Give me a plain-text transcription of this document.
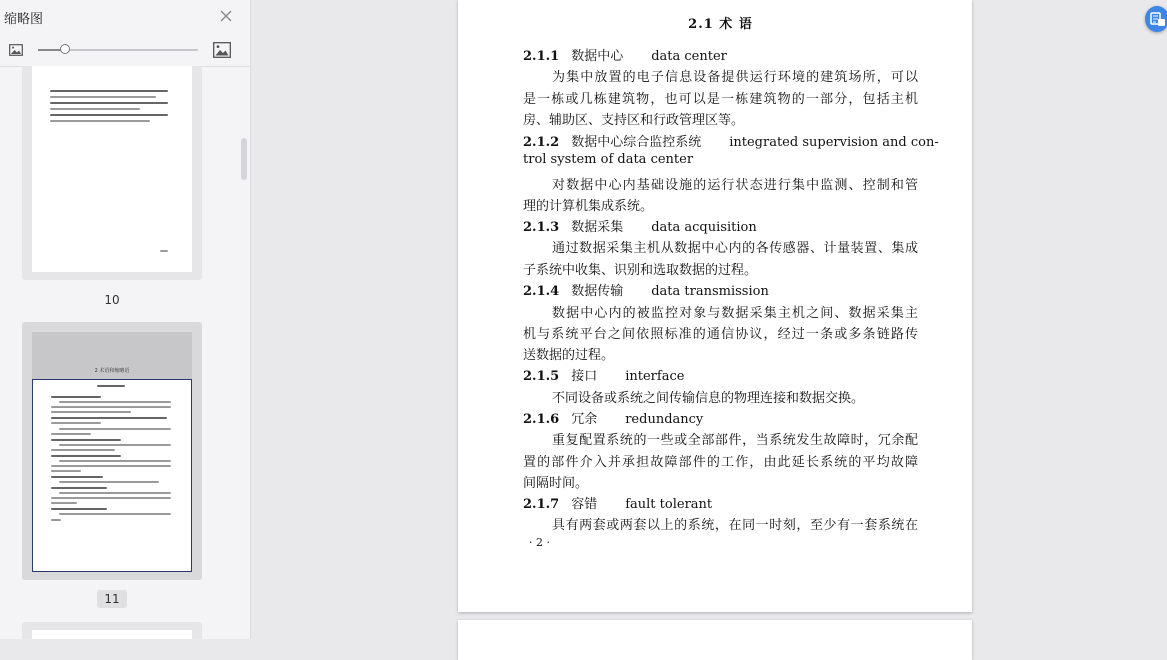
缩略图
10
2 术语和缩略语
11
2.1 术 语
2.1.1 数据中心 data center
为集中放置的电子信息设备提供运行环境的建筑场所，可以
是一栋或几栋建筑物，也可以是一栋建筑物的一部分，包括主机
房、辅助区、支持区和行政管理区等。
2.1.2 数据中心综合监控系统 integrated supervision and con-
trol system of data center
对数据中心内基础设施的运行状态进行集中监测、控制和管
理的计算机集成系统。
2.1.3 数据采集 data acquisition
通过数据采集主机从数据中心内的各传感器、计量装置、集成
子系统中收集、识别和选取数据的过程。
2.1.4 数据传输 data transmission
数据中心内的被监控对象与数据采集主机之间、数据采集主
机与系统平台之间依照标准的通信协议，经过一条或多条链路传
送数据的过程。
2.1.5 接口 interface
不同设备或系统之间传输信息的物理连接和数据交换。
2.1.6 冗余 redundancy
重复配置系统的一些或全部部件，当系统发生故障时，冗余配
置的部件介入并承担故障部件的工作，由此延长系统的平均故障
间隔时间。
2.1.7 容错 fault tolerant
具有两套或两套以上的系统，在同一时刻，至少有一套系统在
· 2 ·
